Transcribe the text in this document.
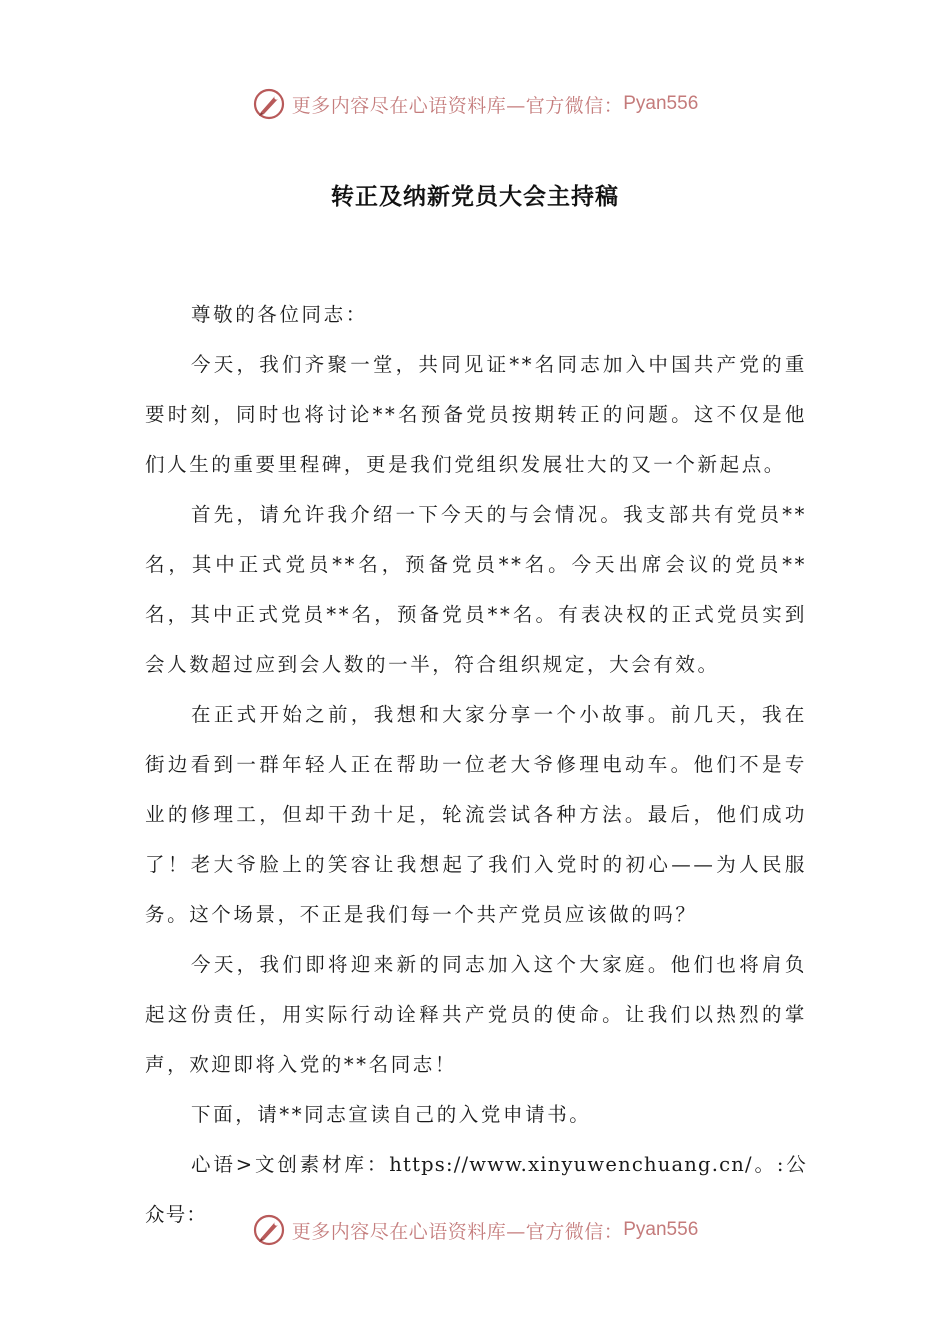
更多内容尽在心语资料库—官方微信： Pyan556
转正及纳新党员大会主持稿

尊敬的各位同志：

今天，我们齐聚一堂，共同见证**名同志加入中国共产党的重要时刻，同时也将讨论**名预备党员按期转正的问题。这不仅是他们人生的重要里程碑，更是我们党组织发展壮大的又一个新起点。

首先，请允许我介绍一下今天的与会情况。我支部共有党员**名，其中正式党员**名，预备党员**名。今天出席会议的党员**名，其中正式党员**名，预备党员**名。有表决权的正式党员实到会人数超过应到会人数的一半，符合组织规定，大会有效。

在正式开始之前，我想和大家分享一个小故事。前几天，我在街边看到一群年轻人正在帮助一位老大爷修理电动车。他们不是专业的修理工，但却干劲十足，轮流尝试各种方法。最后，他们成功了！老大爷脸上的笑容让我想起了我们入党时的初心——为人民服务。这个场景，不正是我们每一个共产党员应该做的吗？

今天，我们即将迎来新的同志加入这个大家庭。他们也将肩负起这份责任，用实际行动诠释共产党员的使命。让我们以热烈的掌声，欢迎即将入党的**名同志！

下面，请**同志宣读自己的入党申请书。

心语>文创素材库：https://www.xinyuwenchuang.cn/。:公众号：

更多内容尽在心语资料库—官方微信： Pyan556
